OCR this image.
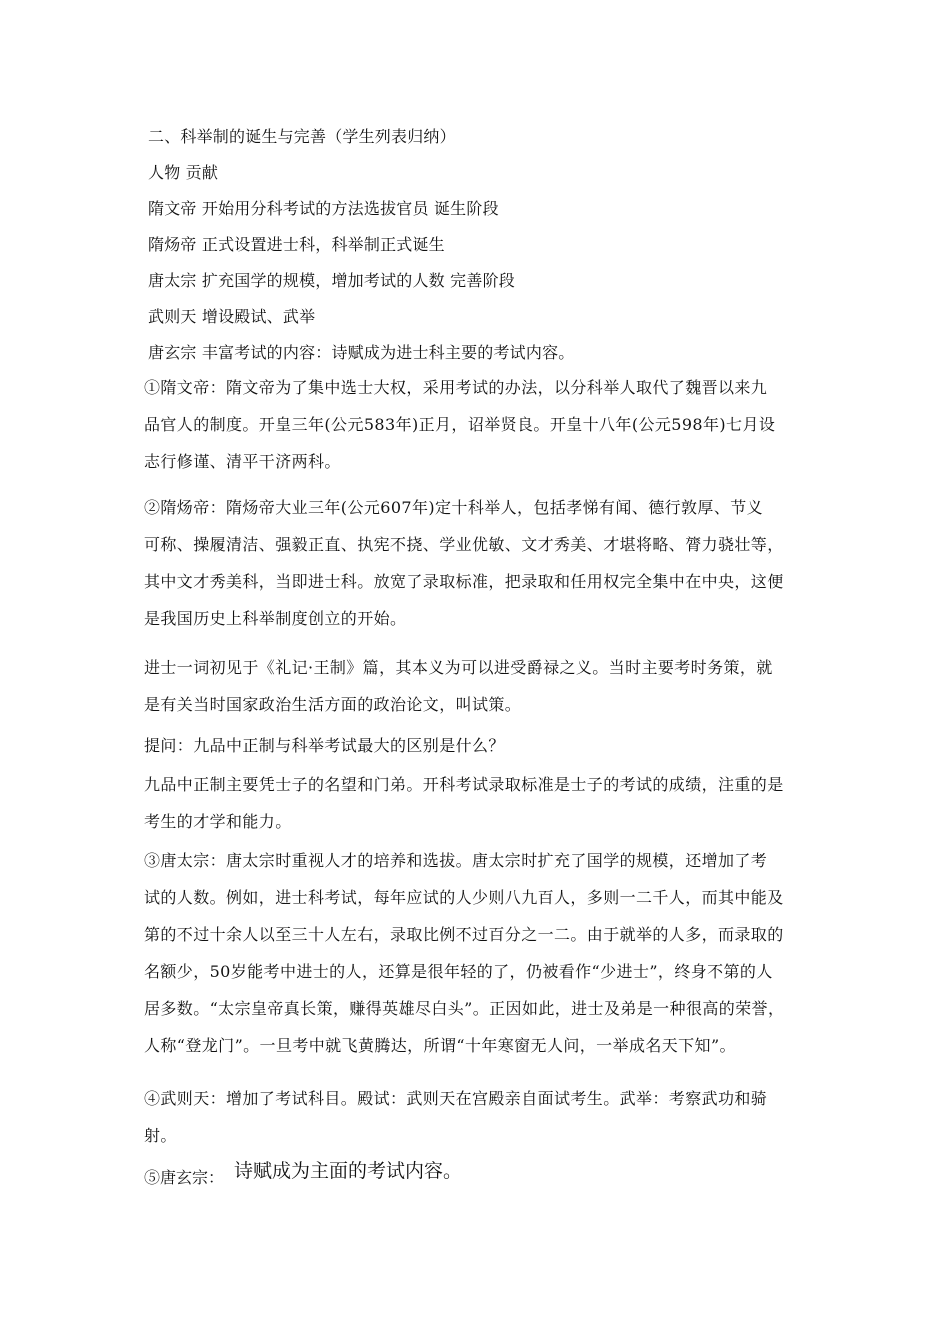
二、科举制的诞生与完善（学生列表归纳）
人物 贡献
隋文帝 开始用分科考试的方法选拔官员 诞生阶段
隋炀帝 正式设置进士科，科举制正式诞生
唐太宗 扩充国学的规模，增加考试的人数 完善阶段
武则天 增设殿试、武举
唐玄宗 丰富考试的内容：诗赋成为进士科主要的考试内容。
①隋文帝：隋文帝为了集中选士大权，采用考试的办法，以分科举人取代了魏晋以来九
品官人的制度。开皇三年(公元583年)正月，诏举贤良。开皇十八年(公元598年)七月设
志行修谨、清平干济两科。
②隋炀帝：隋炀帝大业三年(公元607年)定十科举人，包括孝悌有闻、德行敦厚、节义
可称、操履清洁、强毅正直、执宪不挠、学业优敏、文才秀美、才堪将略、膂力骁壮等，
其中文才秀美科，当即进士科。放宽了录取标准，把录取和任用权完全集中在中央，这便
是我国历史上科举制度创立的开始。
进士一词初见于《礼记·王制》篇，其本义为可以进受爵禄之义。当时主要考时务策，就
是有关当时国家政治生活方面的政治论文，叫试策。
提问：九品中正制与科举考试最大的区别是什么？
九品中正制主要凭士子的名望和门弟。开科考试录取标准是士子的考试的成绩，注重的是
考生的才学和能力。
③唐太宗：唐太宗时重视人才的培养和选拔。唐太宗时扩充了国学的规模，还增加了考
试的人数。例如，进士科考试，每年应试的人少则八九百人，多则一二千人，而其中能及
第的不过十余人以至三十人左右，录取比例不过百分之一二。由于就举的人多，而录取的
名额少，50岁能考中进士的人，还算是很年轻的了，仍被看作“少进士”，终身不第的人
居多数。“太宗皇帝真长策，赚得英雄尽白头”。正因如此，进士及弟是一种很高的荣誉，
人称“登龙门”。一旦考中就飞黄腾达，所谓“十年寒窗无人问，一举成名天下知”。
④武则天：增加了考试科目。殿试：武则天在宫殿亲自面试考生。武举：考察武功和骑
射。
⑤唐玄宗： 诗赋成为主面的考试内容。
